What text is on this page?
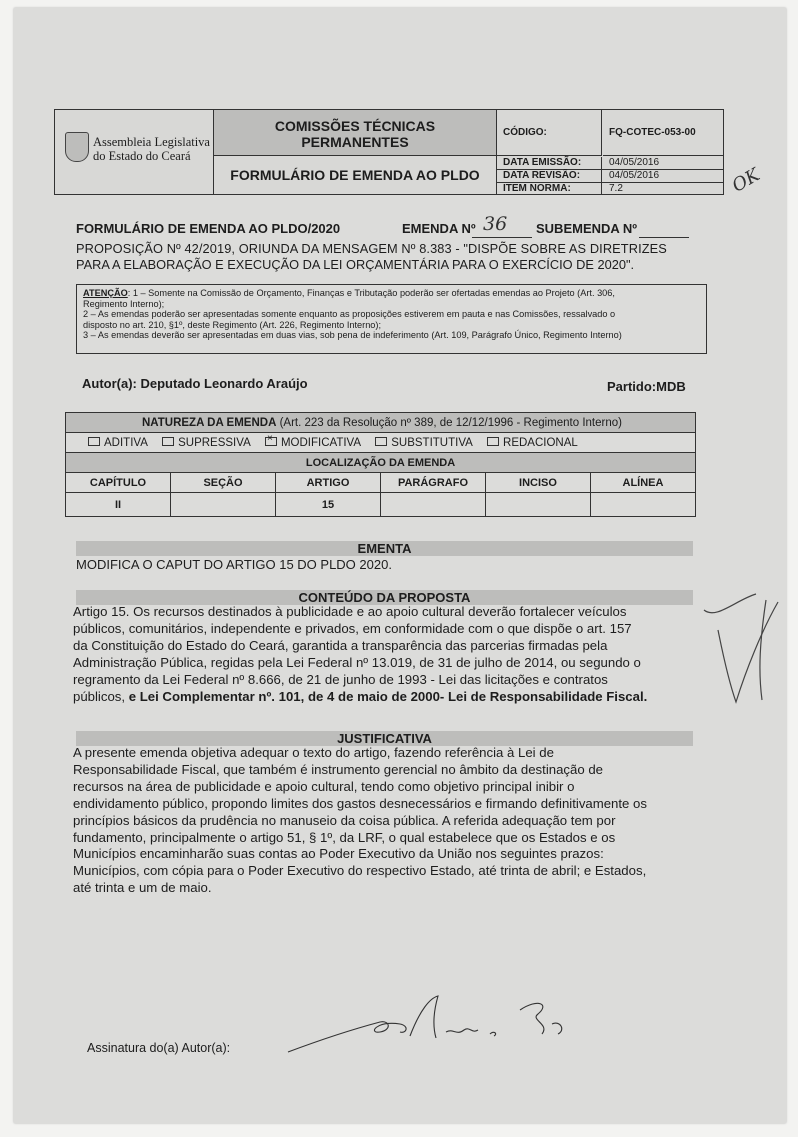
Assembleia Legislativa
do Estado do Ceará
COMISSÕES TÉCNICAS
PERMANENTES
FORMULÁRIO DE EMENDA AO PLDO
CÓDIGO:	FQ-COTEC-053-00
DATA EMISSÃO:	04/05/2016
DATA REVISÃO:	04/05/2016
ITEM NORMA:	7.2	OK
FORMULÁRIO DE EMENDA AO PLDO/2020	EMENDA Nº 36 SUBEMENDA Nº
PROPOSIÇÃO Nº 42/2019, ORIUNDA DA MENSAGEM Nº 8.383 - "DISPÕE SOBRE AS DIRETRIZES
PARA A ELABORAÇÃO E EXECUÇÃO DA LEI ORÇAMENTÁRIA PARA O EXERCÍCIO DE 2020".
ATENÇÃO: 1 – Somente na Comissão de Orçamento, Finanças e Tributação poderão ser ofertadas emendas ao Projeto (Art. 306,
Regimento Interno);
2 – As emendas poderão ser apresentadas somente enquanto as proposições estiverem em pauta e nas Comissões, ressalvado o
disposto no art. 210, §1º, deste Regimento (Art. 226, Regimento Interno);
3 – As emendas deverão ser apresentadas em duas vias, sob pena de indeferimento (Art. 109, Parágrafo Único, Regimento Interno)
Autor(a): Deputado Leonardo Araújo	Partido:MDB
NATUREZA DA EMENDA (Art. 223 da Resolução nº 389, de 12/12/1996 - Regimento Interno)					
ADITIVA SUPRESSIVA × MODIFICATIVA SUBSTITUTIVA REDACIONAL
LOCALIZAÇÃO DA EMENDA					
CAPÍTULO	SEÇÃO	ARTIGO	PARÁGRAFO	INCISO	ALÍNEA
II		15			
EMENTA
MODIFICA O CAPUT DO ARTIGO 15 DO PLDO 2020.
CONTEÚDO DA PROPOSTA
Artigo 15. Os recursos destinados à publicidade e ao apoio cultural deverão fortalecer veículos
públicos, comunitários, independente e privados, em conformidade com o que dispõe o art. 157
da Constituição do Estado do Ceará, garantida a transparência das parcerias firmadas pela
Administração Pública, regidas pela Lei Federal nº 13.019, de 31 de julho de 2014, ou segundo o
regramento da Lei Federal nº 8.666, de 21 de junho de 1993 - Lei das licitações e contratos
públicos, e Lei Complementar nº. 101, de 4 de maio de 2000- Lei de Responsabilidade Fiscal.
JUSTIFICATIVA
A presente emenda objetiva adequar o texto do artigo, fazendo referência à Lei de
Responsabilidade Fiscal, que também é instrumento gerencial no âmbito da destinação de
recursos na área de publicidade e apoio cultural, tendo como objetivo principal inibir o
endividamento público, propondo limites dos gastos desnecessários e firmando definitivamente os
princípios básicos da prudência no manuseio da coisa pública. A referida adequação tem por
fundamento, principalmente o artigo 51, § 1º, da LRF, o qual estabelece que os Estados e os
Municípios encaminharão suas contas ao Poder Executivo da União nos seguintes prazos:
Municípios, com cópia para o Poder Executivo do respectivo Estado, até trinta de abril; e Estados,
até trinta e um de maio.
Assinatura do(a) Autor(a):
